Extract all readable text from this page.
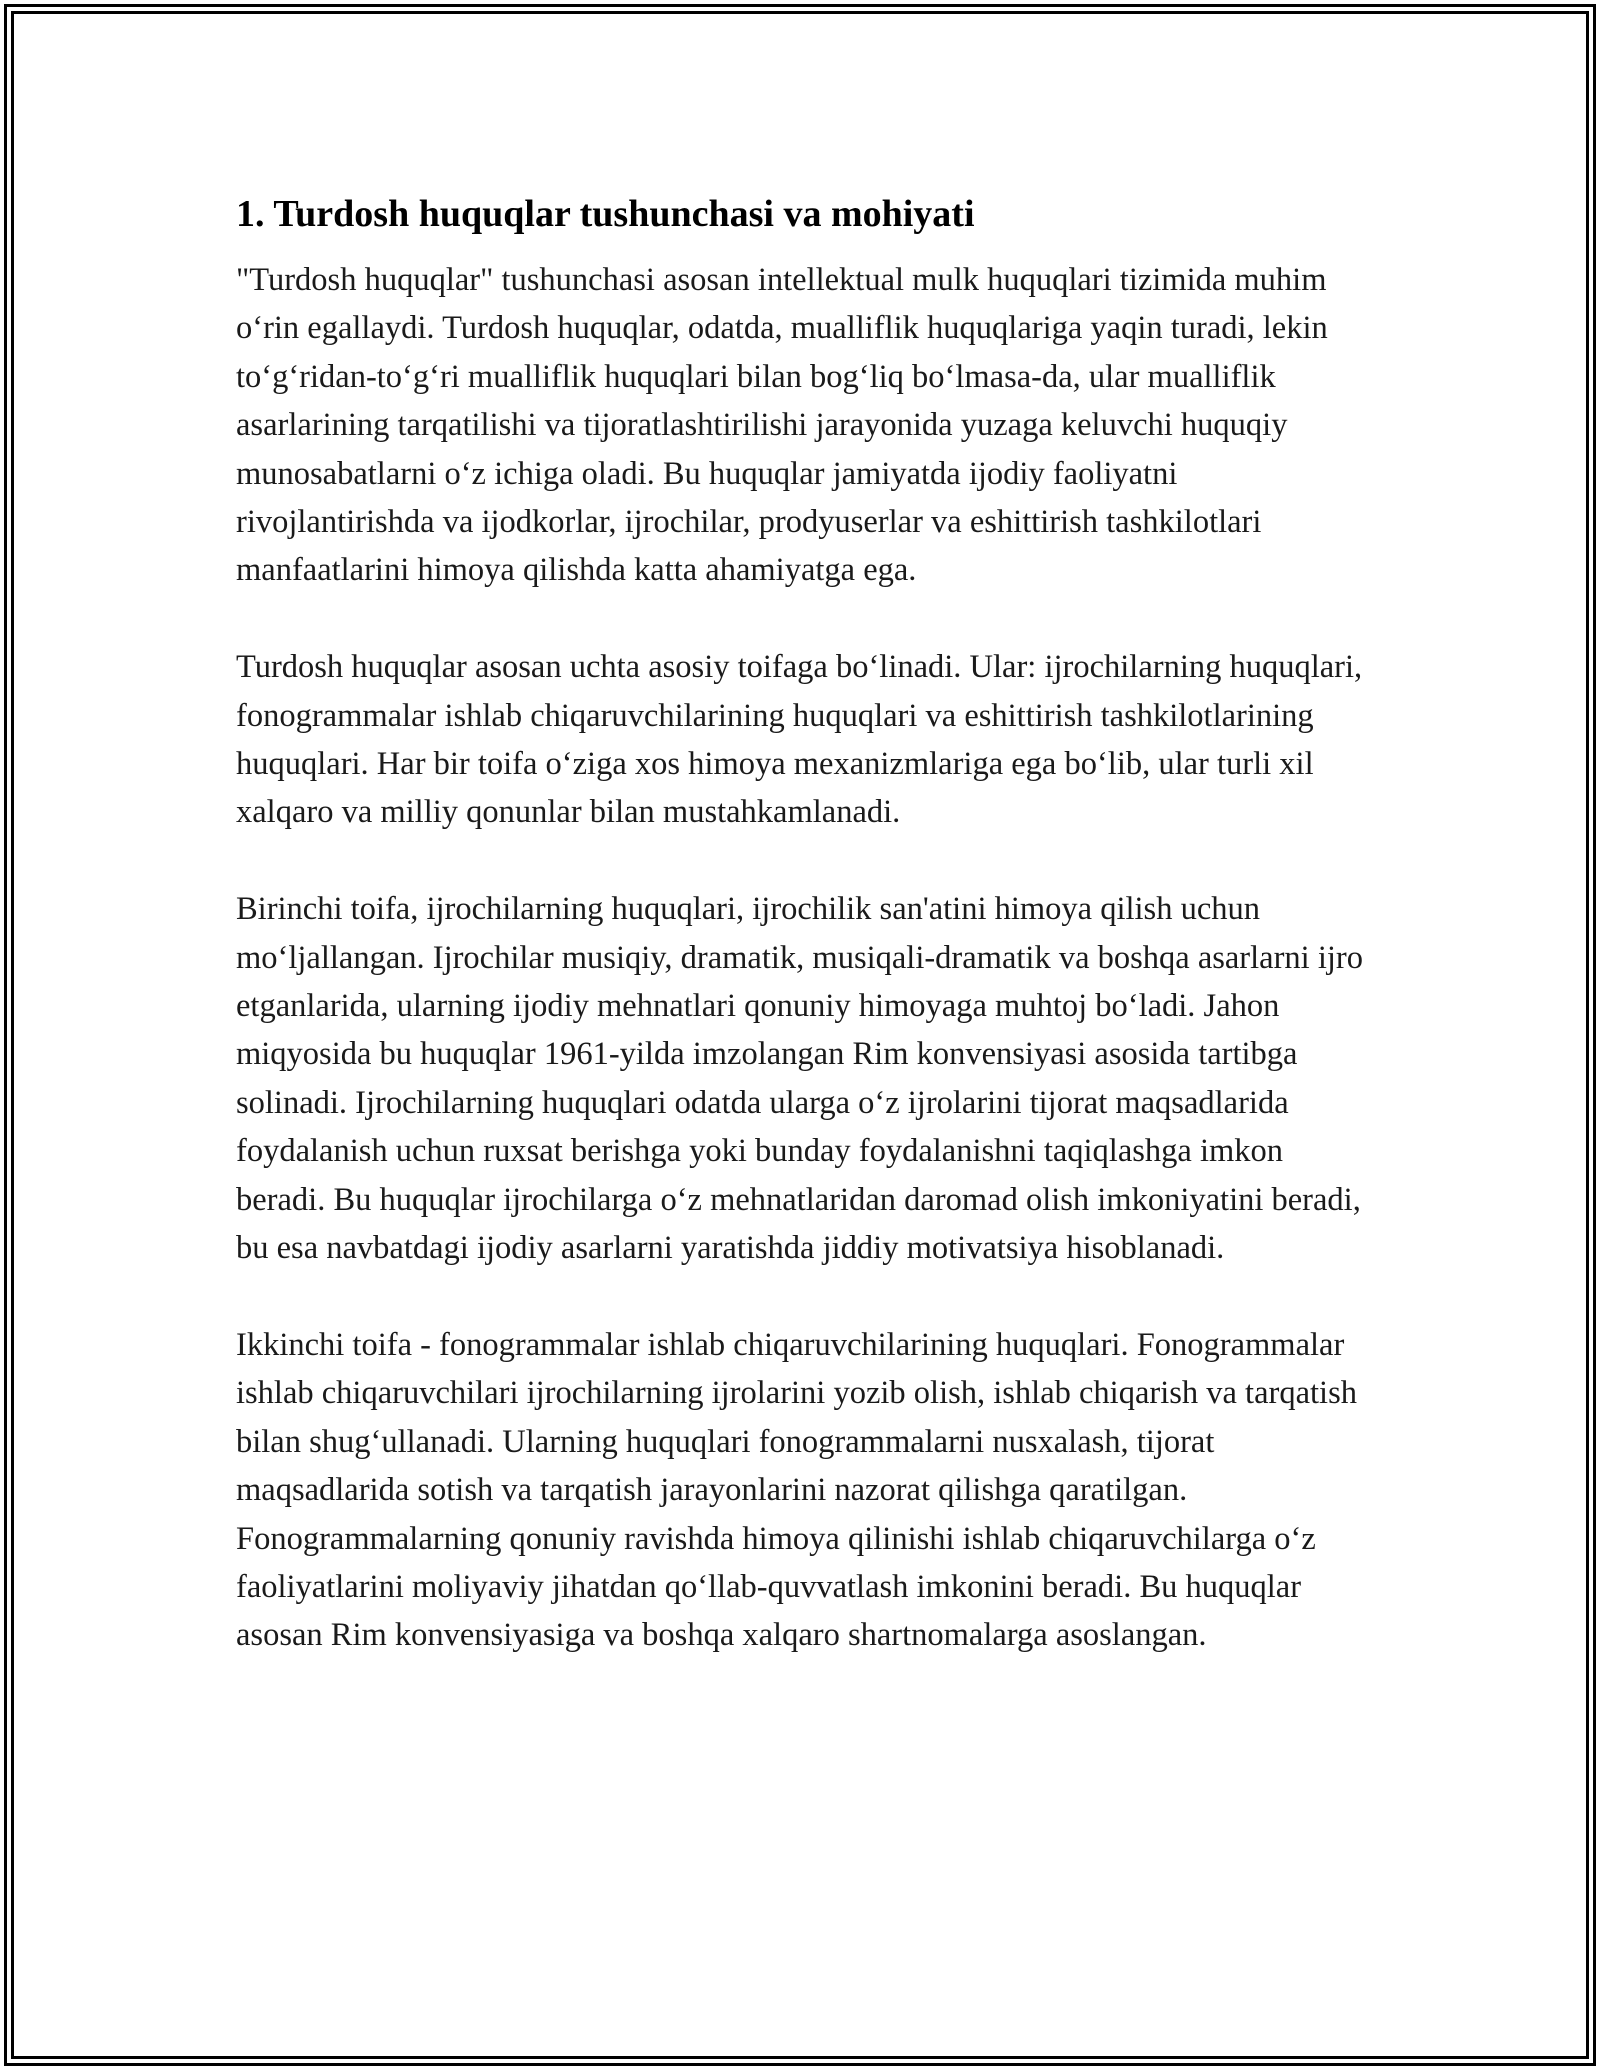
1. Turdosh huquqlar tushunchasi va mohiyati

"Turdosh huquqlar" tushunchasi asosan intellektual mulk huquqlari tizimida muhim o‘rin egallaydi. Turdosh huquqlar, odatda, mualliflik huquqlariga yaqin turadi, lekin to‘g‘ridan-to‘g‘ri mualliflik huquqlari bilan bog‘liq bo‘lmasa-da, ular mualliflik asarlarining tarqatilishi va tijoratlashtirilishi jarayonida yuzaga keluvchi huquqiy munosabatlarni o‘z ichiga oladi. Bu huquqlar jamiyatda ijodiy faoliyatni rivojlantirishda va ijodkorlar, ijrochilar, prodyuserlar va eshittirish tashkilotlari manfaatlarini himoya qilishda katta ahamiyatga ega.

Turdosh huquqlar asosan uchta asosiy toifaga bo‘linadi. Ular: ijrochilarning huquqlari, fonogrammalar ishlab chiqaruvchilarining huquqlari va eshittirish tashkilotlarining huquqlari. Har bir toifa o‘ziga xos himoya mexanizmlariga ega bo‘lib, ular turli xil xalqaro va milliy qonunlar bilan mustahkamlanadi.

Birinchi toifa, ijrochilarning huquqlari, ijrochilik san'atini himoya qilish uchun mo‘ljallangan. Ijrochilar musiqiy, dramatik, musiqali-dramatik va boshqa asarlarni ijro etganlarida, ularning ijodiy mehnatlari qonuniy himoyaga muhtoj bo‘ladi. Jahon miqyosida bu huquqlar 1961-yilda imzolangan Rim konvensiyasi asosida tartibga solinadi. Ijrochilarning huquqlari odatda ularga o‘z ijrolarini tijorat maqsadlarida foydalanish uchun ruxsat berishga yoki bunday foydalanishni taqiqlashga imkon beradi. Bu huquqlar ijrochilarga o‘z mehnatlaridan daromad olish imkoniyatini beradi, bu esa navbatdagi ijodiy asarlarni yaratishda jiddiy motivatsiya hisoblanadi.

Ikkinchi toifa - fonogrammalar ishlab chiqaruvchilarining huquqlari. Fonogrammalar ishlab chiqaruvchilari ijrochilarning ijrolarini yozib olish, ishlab chiqarish va tarqatish bilan shug‘ullanadi. Ularning huquqlari fonogrammalarni nusxalash, tijorat maqsadlarida sotish va tarqatish jarayonlarini nazorat qilishga qaratilgan. Fonogrammalarning qonuniy ravishda himoya qilinishi ishlab chiqaruvchilarga o‘z faoliyatlarini moliyaviy jihatdan qo‘llab-quvvatlash imkonini beradi. Bu huquqlar asosan Rim konvensiyasiga va boshqa xalqaro shartnomalarga asoslangan.
